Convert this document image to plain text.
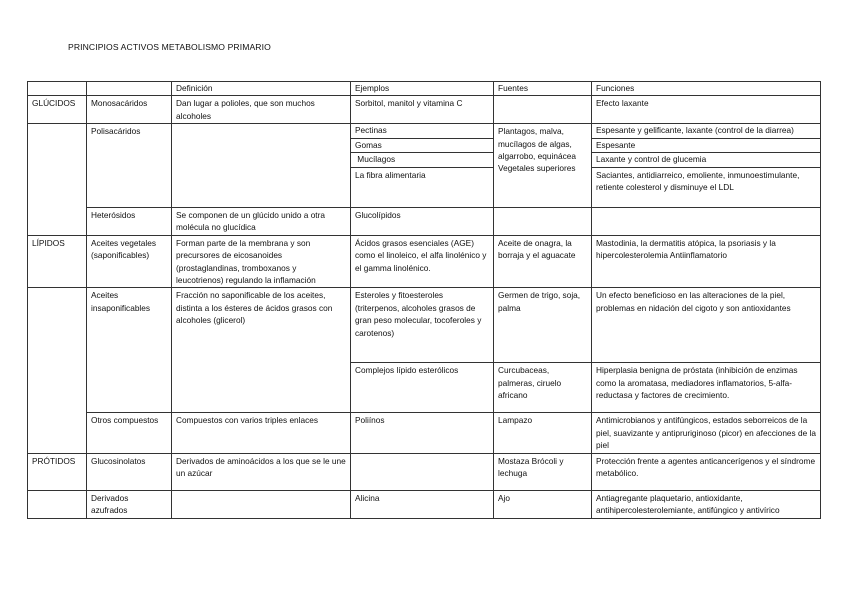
PRINCIPIOS ACTIVOS METABOLISMO PRIMARIO
		Definición	Ejemplos	Fuentes	Funciones
GLÚCIDOS	Monosacáridos	Dan lugar a polioles, que son muchos alcoholes	Sorbitol, manitol y vitamina C		Efecto laxante
	Polisacáridos		Pectinas	Plantagos, malva, mucílagos de algas, algarrobo, equinácea Vegetales superiores	Espesante y gelificante, laxante (control de la diarrea)
			Gomas		Espesante
			Mucílagos		Laxante y control de glucemia
			La fibra alimentaria		Saciantes, antidiarreico, emoliente, inmunoestimulante, retiente colesterol y disminuye el LDL
	Heterósidos	Se componen de un glúcido unido a otra molécula no glucídica	Glucolípidos		
LÍPIDOS	Aceites vegetales (saponificables)	Forman parte de la membrana y son precursores de eicosanoides (prostaglandinas, tromboxanos y leucotrienos) regulando la inflamación	Ácidos grasos esenciales (AGE) como el linoleico, el alfa linolénico y el gamma linolénico.	Aceite de onagra, la borraja y el aguacate	Mastodinia, la dermatitis atópica, la psoriasis y la hipercolesterolemia Antiinflamatorio
	Aceites insaponificables	Fracción no saponificable de los aceites, distinta a los ésteres de ácidos grasos con alcoholes (glicerol)	Esteroles y fitoesteroles (triterpenos, alcoholes grasos de gran peso molecular, tocoferoles y carotenos)	Germen de trigo, soja, palma	Un efecto beneficioso en las alteraciones de la piel, problemas en nidación del cigoto y son antioxidantes
			Complejos lípido esterólicos	Curcubaceas, palmeras, ciruelo africano	Hiperplasia benigna de próstata (inhibición de enzimas como la aromatasa, mediadores inflamatorios, 5-alfa-reductasa y factores de crecimiento.
	Otros compuestos	Compuestos con varios triples enlaces	Poliínos	Lampazo	Antimicrobianos y antifúngicos, estados seborreicos de la piel, suavizante y antipruriginoso (picor) en afecciones de la piel
PRÓTIDOS	Glucosinolatos	Derivados de aminoácidos a los que se le une un azúcar		Mostaza Brócoli y lechuga	Protección frente a agentes anticancerígenos y el síndrome metabólico.
	Derivados azufrados		Alicina	Ajo	Antiagregante plaquetario, antioxidante, antihipercolesterolemiante, antifúngico y antivírico
